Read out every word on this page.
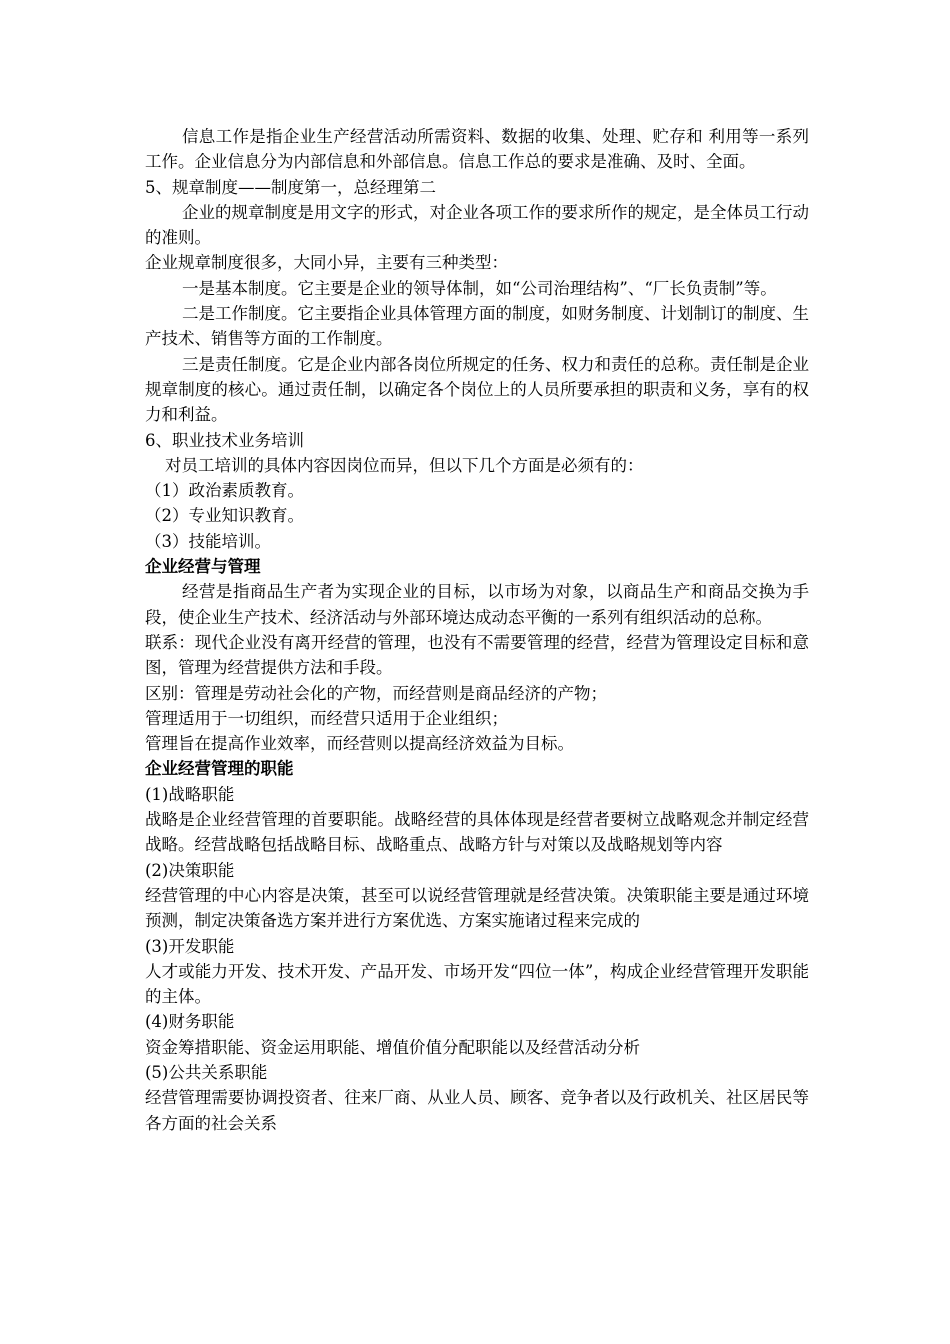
信息工作是指企业生产经营活动所需资料、数据的收集、处理、贮存和 利用等一系列工作。企业信息分为内部信息和外部信息。信息工作总的要求是准确、及时、全面。

5、规章制度——制度第一，总经理第二

企业的规章制度是用文字的形式，对企业各项工作的要求所作的规定，是全体员工行动的准则。

企业规章制度很多，大同小异，主要有三种类型：

一是基本制度。它主要是企业的领导体制，如“公司治理结构”、“厂长负责制”等。

二是工作制度。它主要指企业具体管理方面的制度，如财务制度、计划制订的制度、生产技术、销售等方面的工作制度。

三是责任制度。它是企业内部各岗位所规定的任务、权力和责任的总称。责任制是企业规章制度的核心。通过责任制，以确定各个岗位上的人员所要承担的职责和义务，享有的权力和利益。

6、职业技术业务培训

对员工培训的具体内容因岗位而异，但以下几个方面是必须有的：

（1）政治素质教育。

（2）专业知识教育。

（3）技能培训。

企业经营与管理

经营是指商品生产者为实现企业的目标，以市场为对象，以商品生产和商品交换为手段，使企业生产技术、经济活动与外部环境达成动态平衡的一系列有组织活动的总称。

联系：现代企业没有离开经营的管理，也没有不需要管理的经营，经营为管理设定目标和意图，管理为经营提供方法和手段。

区别：管理是劳动社会化的产物，而经营则是商品经济的产物；

管理适用于一切组织，而经营只适用于企业组织；

管理旨在提高作业效率，而经营则以提高经济效益为目标。

企业经营管理的职能

(1)战略职能

战略是企业经营管理的首要职能。战略经营的具体体现是经营者要树立战略观念并制定经营战略。经营战略包括战略目标、战略重点、战略方针与对策以及战略规划等内容

(2)决策职能

经营管理的中心内容是决策，甚至可以说经营管理就是经营决策。决策职能主要是通过环境预测，制定决策备选方案并进行方案优选、方案实施诸过程来完成的

(3)开发职能

人才或能力开发、技术开发、产品开发、市场开发“四位一体”，构成企业经营管理开发职能的主体。

(4)财务职能

资金筹措职能、资金运用职能、增值价值分配职能以及经营活动分析

(5)公共关系职能

经营管理需要协调投资者、往来厂商、从业人员、顾客、竞争者以及行政机关、社区居民等各方面的社会关系
